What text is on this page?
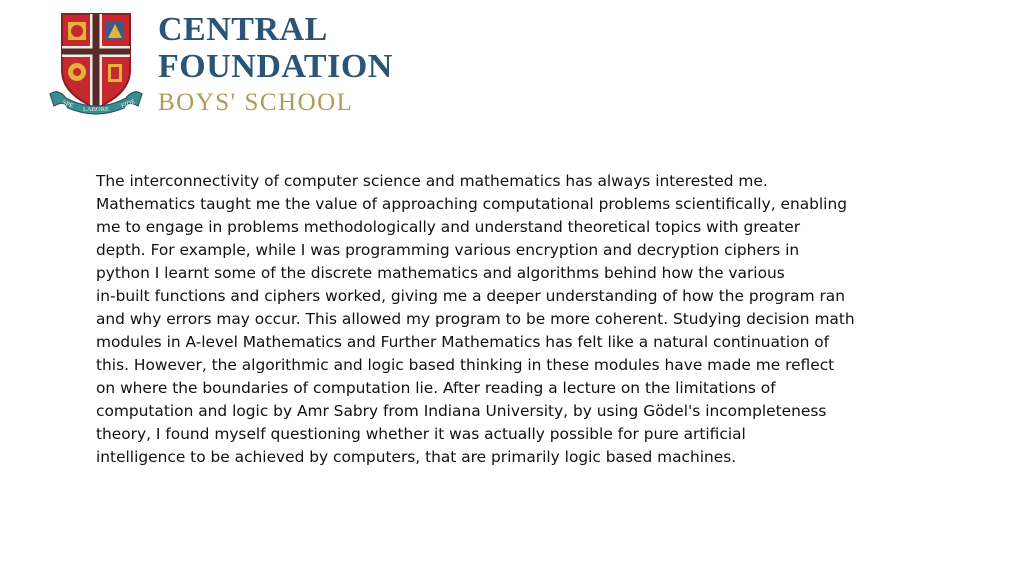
SPE LABORE FIDE
CENTRAL
FOUNDATION
BOYS' SCHOOL

The interconnectivity of computer science and mathematics has always interested me.
Mathematics taught me the value of approaching computational problems scientifically, enabling
me to engage in problems methodologically and understand theoretical topics with greater
depth. For example, while I was programming various encryption and decryption ciphers in
python I learnt some of the discrete mathematics and algorithms behind how the various
in-built functions and ciphers worked, giving me a deeper understanding of how the program ran
and why errors may occur. This allowed my program to be more coherent. Studying decision math
modules in A-level Mathematics and Further Mathematics has felt like a natural continuation of
this. However, the algorithmic and logic based thinking in these modules have made me reflect
on where the boundaries of computation lie. After reading a lecture on the limitations of
computation and logic by Amr Sabry from Indiana University, by using Gödel's incompleteness
theory, I found myself questioning whether it was actually possible for pure artificial
intelligence to be achieved by computers, that are primarily logic based machines.
